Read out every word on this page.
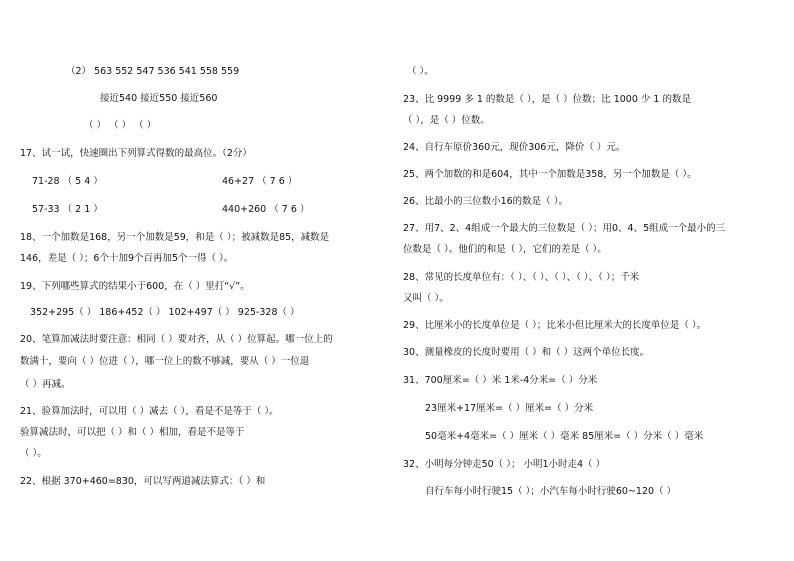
（2） 563 552 547 536 541 558 559
接近540 接近550 接近560
（ ） （ ） （ ）
17、试一试，快速圈出下列算式得数的最高位。（2分）
71-28 （ 5 4 ）	46+27 （ 7 6 ）
57-33 （ 2 1 ）	440+260 （ 7 6 ）
18、一个加数是168，另一个加数是59，和是（ ）；被减数是85，减数是
146，差是（ ）；6个十加9个百再加5个一得（ ）。
19、下列哪些算式的结果小于600，在（ ）里打“√”。
352+295（ ） 186+452（ ） 102+497（ ） 925-328（ ）
20、笔算加减法时要注意：相同（ ）要对齐，从（ ）位算起。哪一位上的
数满十，要向（ ）位进（ ），哪一位上的数不够减，要从（ ）一位退
（ ）再减。
21、验算加法时，可以用（ ）减去（ ），看是不是等于（ ）。
验算减法时，可以把（ ）和（ ）相加，看是不是等于
（ ）。
22、根据 370+460=830，可以写两道减法算式：（ ）和
（ ）。
23、比 9999 多 1 的数是（ ），是（ ）位数；比 1000 少 1 的数是
（ ），是（ ）位数。
24、自行车原价360元，现价306元，降价（ ）元。
25、两个加数的和是604，其中一个加数是358，另一个加数是（ ）。
26、比最小的三位数小16的数是（ ）。
27、用7、2、4组成一个最大的三位数是（ ）；用0、4、5组成一个最小的三
位数是（ ）。他们的和是（ ），它们的差是（ ）。
28、常见的长度单位有：（ ）、（ ）、（ ）、（ ）、（ ）；千米
又叫（ ）。
29、比厘米小的长度单位是（ ）；比米小但比厘米大的长度单位是（ ）。
30、测量橡皮的长度时要用（ ）和（ ）这两个单位长度。
31、700厘米=（ ）米 1米-4分米=（ ）分米
23厘米+17厘米=（ ）厘米=（ ）分米
50毫米+4毫米=（ ）厘米（ ）毫米 85厘米=（ ）分米（ ）毫米
32、小明每分钟走50（ ）； 小明1小时走4（ ）
自行车每小时行驶15（ ）；小汽车每小时行驶60~120（ ）
